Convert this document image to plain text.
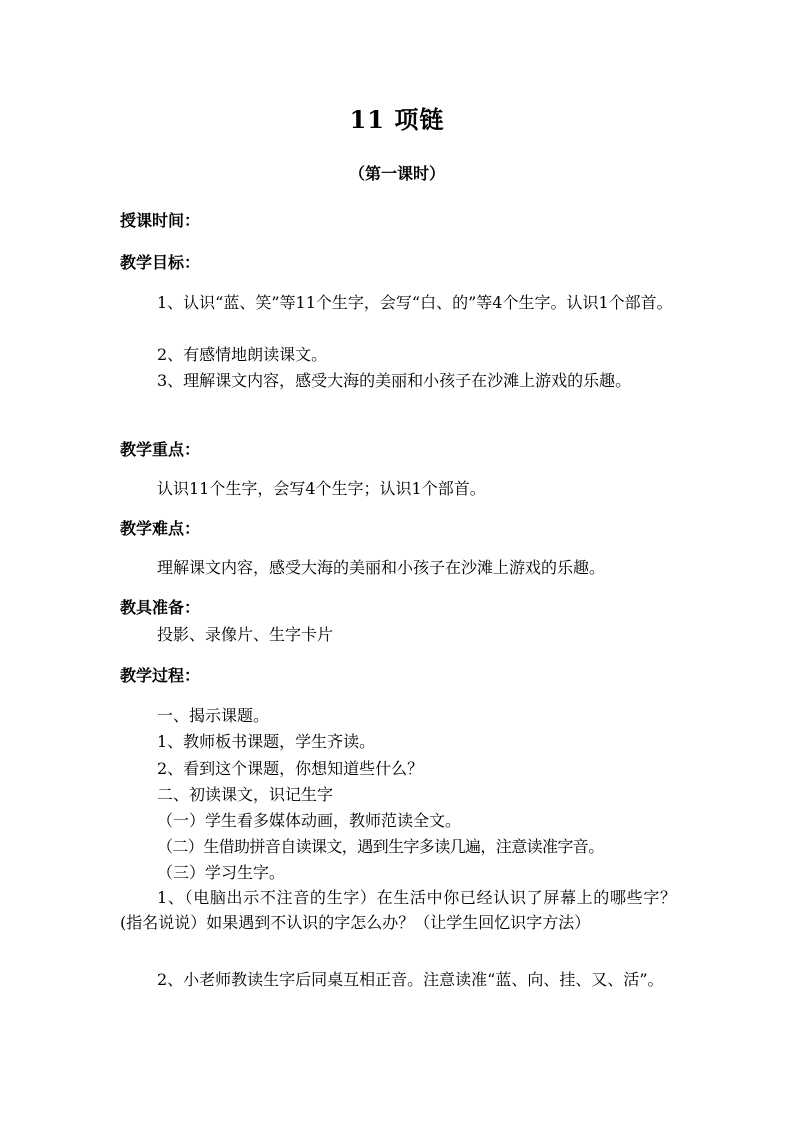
11 项链
（第一课时）
授课时间：
教学目标：

1、认识“蓝、笑”等11个生字，会写“白、的”等4个生字。认识1个部首。

2、有感情地朗读课文。

3、理解课文内容，感受大海的美丽和小孩子在沙滩上游戏的乐趣。

教学重点：
认识11个生字，会写4个生字；认识1个部首。
教学难点：
理解课文内容，感受大海的美丽和小孩子在沙滩上游戏的乐趣。
教具准备：
投影、录像片、生字卡片
教学过程：
一、揭示课题。
1、教师板书课题，学生齐读。
2、看到这个课题，你想知道些什么？
二、初读课文，识记生字
（一）学生看多媒体动画，教师范读全文。
（二）生借助拼音自读课文，遇到生字多读几遍，注意读准字音。
（三）学习生字。

1、（电脑出示不注音的生字）在生活中你已经认识了屏幕上的哪些字？(指名说说）如果遇到不认识的字怎么办？（让学生回忆识字方法）

2、小老师教读生字后同桌互相正音。注意读准“蓝、向、挂、又、活”。
